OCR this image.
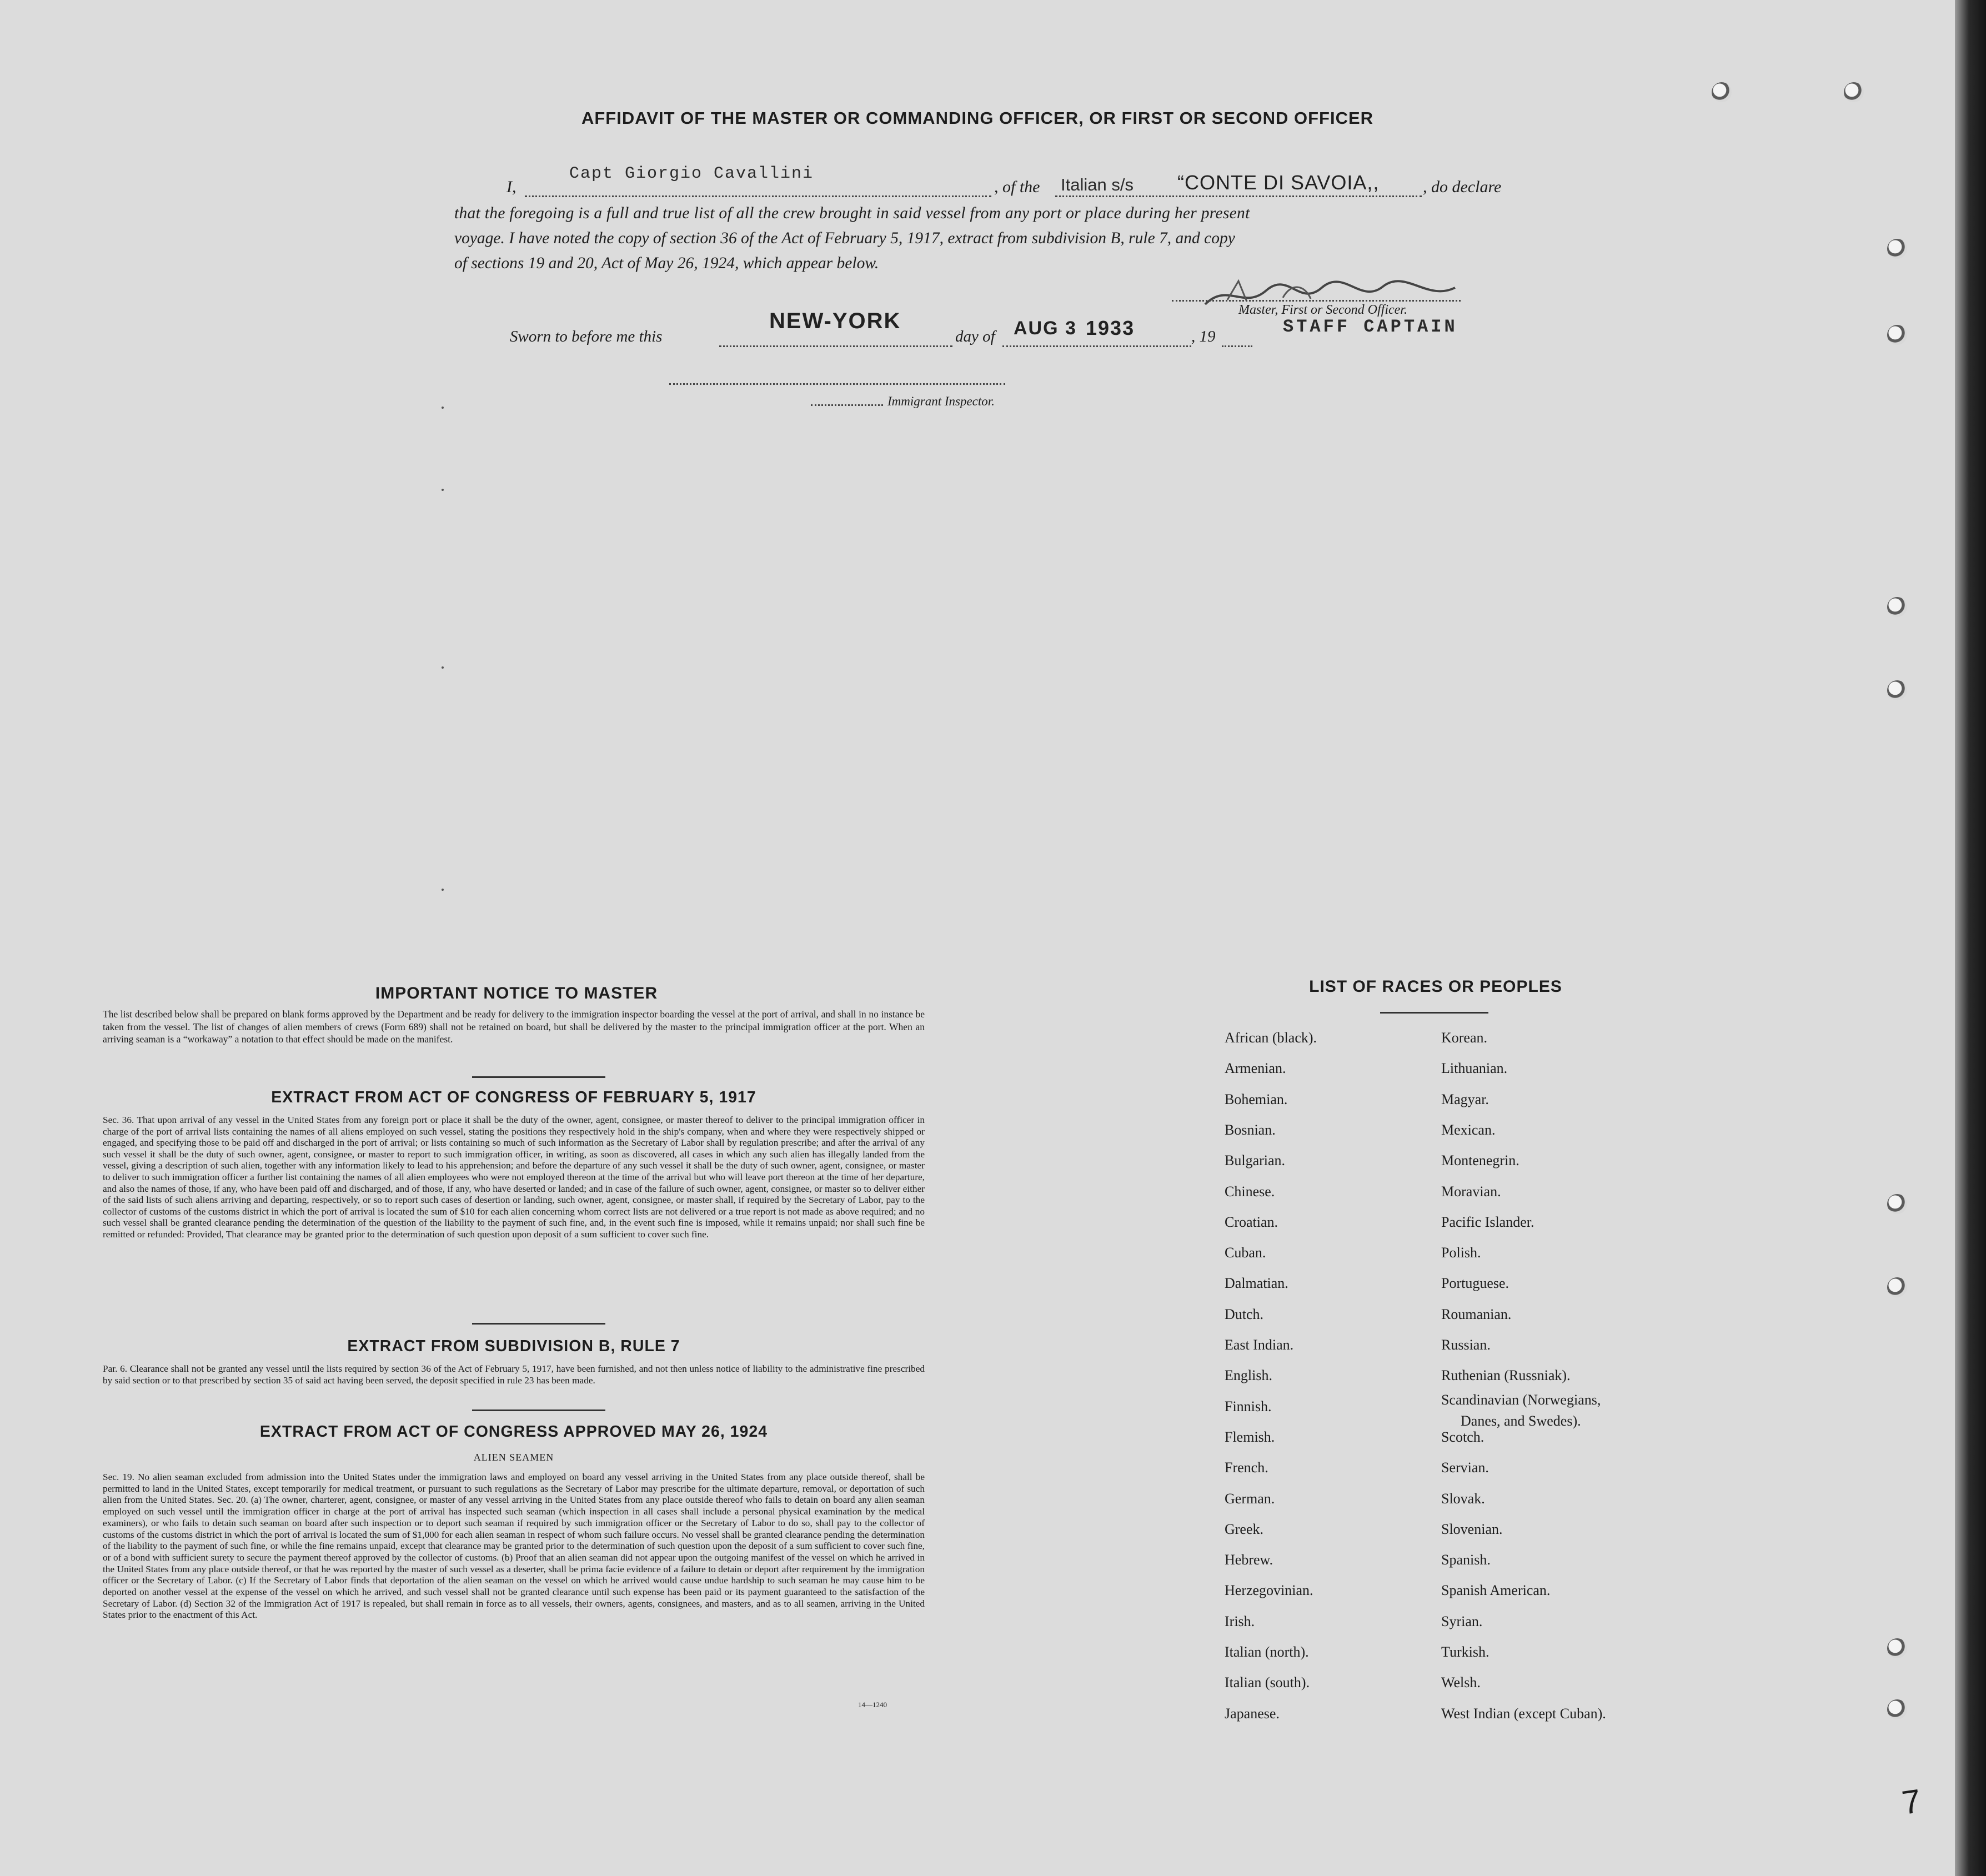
AFFIDAVIT OF THE MASTER OR COMMANDING OFFICER, OR FIRST OR SECOND OFFICER
I,
Capt Giorgio Cavallini
, of the Italian s/s “CONTE DI SAVOIA,,	, do declare
that the foregoing is a full and true list of all the crew brought in said vessel from any port or place during her present
voyage. I have noted the copy of section 36 of the Act of February 5, 1917, extract from subdivision B, rule 7, and copy
of sections 19 and 20, Act of May 26, 1924, which appear below.
Master, First or Second Officer.
Sworn to before me this
NEW-YORK
day of AUG 3 1933	, 19	STAFF CAPTAIN
Immigrant Inspector.
IMPORTANT NOTICE TO MASTER
The list described below shall be prepared on blank forms approved by the Department and be ready for delivery to the immigration inspector boarding the vessel at the port of arrival, and shall in no instance be taken from the vessel. The list of changes of alien members of crews (Form 689) shall not be retained on board, but shall be delivered by the master to the principal immigration officer at the port. When an arriving seaman is a “workaway” a notation to that effect should be made on the manifest.
EXTRACT FROM ACT OF CONGRESS OF FEBRUARY 5, 1917
Sec. 36. That upon arrival of any vessel in the United States from any foreign port or place it shall be the duty of the owner, agent, consignee, or master thereof to deliver to the principal immigration officer in charge of the port of arrival lists containing the names of all aliens employed on such vessel, stating the positions they respectively hold in the ship's company, when and where they were respectively shipped or engaged, and specifying those to be paid off and discharged in the port of arrival; or lists containing so much of such information as the Secretary of Labor shall by regulation prescribe; and after the arrival of any such vessel it shall be the duty of such owner, agent, consignee, or master to report to such immigration officer, in writing, as soon as discovered, all cases in which any such alien has illegally landed from the vessel, giving a description of such alien, together with any information likely to lead to his apprehension; and before the departure of any such vessel it shall be the duty of such owner, agent, consignee, or master to deliver to such immigration officer a further list containing the names of all alien employees who were not employed thereon at the time of the arrival but who will leave port thereon at the time of her departure, and also the names of those, if any, who have been paid off and discharged, and of those, if any, who have deserted or landed; and in case of the failure of such owner, agent, consignee, or master so to deliver either of the said lists of such aliens arriving and departing, respectively, or so to report such cases of desertion or landing, such owner, agent, consignee, or master shall, if required by the Secretary of Labor, pay to the collector of customs of the customs district in which the port of arrival is located the sum of $10 for each alien concerning whom correct lists are not delivered or a true report is not made as above required; and no such vessel shall be granted clearance pending the determination of the question of the liability to the payment of such fine, and, in the event such fine is imposed, while it remains unpaid; nor shall such fine be remitted or refunded: Provided, That clearance may be granted prior to the determination of such question upon deposit of a sum sufficient to cover such fine.
EXTRACT FROM SUBDIVISION B, RULE 7
Par. 6. Clearance shall not be granted any vessel until the lists required by section 36 of the Act of February 5, 1917, have been furnished, and not then unless notice of liability to the administrative fine prescribed by said section or to that prescribed by section 35 of said act having been served, the deposit specified in rule 23 has been made.
EXTRACT FROM ACT OF CONGRESS APPROVED MAY 26, 1924
ALIEN SEAMEN
Sec. 19. No alien seaman excluded from admission into the United States under the immigration laws and employed on board any vessel arriving in the United States from any place outside thereof, shall be permitted to land in the United States, except temporarily for medical treatment, or pursuant to such regulations as the Secretary of Labor may prescribe for the ultimate departure, removal, or deportation of such alien from the United States. Sec. 20. (a) The owner, charterer, agent, consignee, or master of any vessel arriving in the United States from any place outside thereof who fails to detain on board any alien seaman employed on such vessel until the immigration officer in charge at the port of arrival has inspected such seaman (which inspection in all cases shall include a personal physical examination by the medical examiners), or who fails to detain such seaman on board after such inspection or to deport such seaman if required by such immigration officer or the Secretary of Labor to do so, shall pay to the collector of customs of the customs district in which the port of arrival is located the sum of $1,000 for each alien seaman in respect of whom such failure occurs. No vessel shall be granted clearance pending the determination of the liability to the payment of such fine, or while the fine remains unpaid, except that clearance may be granted prior to the determination of such question upon the deposit of a sum sufficient to cover such fine, or of a bond with sufficient surety to secure the payment thereof approved by the collector of customs. (b) Proof that an alien seaman did not appear upon the outgoing manifest of the vessel on which he arrived in the United States from any place outside thereof, or that he was reported by the master of such vessel as a deserter, shall be prima facie evidence of a failure to detain or deport after requirement by the immigration officer or the Secretary of Labor. (c) If the Secretary of Labor finds that deportation of the alien seaman on the vessel on which he arrived would cause undue hardship to such seaman he may cause him to be deported on another vessel at the expense of the vessel on which he arrived, and such vessel shall not be granted clearance until such expense has been paid or its payment guaranteed to the satisfaction of the Secretary of Labor. (d) Section 32 of the Immigration Act of 1917 is repealed, but shall remain in force as to all vessels, their owners, agents, consignees, and masters, and as to all seamen, arriving in the United States prior to the enactment of this Act.
14—1240
LIST OF RACES OR PEOPLES
African (black).
Armenian.
Bohemian.
Bosnian.
Bulgarian.
Chinese.
Croatian.
Cuban.
Dalmatian.
Dutch.
East Indian.
English.
Finnish.
Flemish.
French.
German.
Greek.
Hebrew.
Herzegovinian.
Irish.
Italian (north).
Italian (south).
Japanese.
Korean.
Lithuanian.
Magyar.
Mexican.
Montenegrin.
Moravian.
Pacific Islander.
Polish.
Portuguese.
Roumanian.
Russian.
Ruthenian (Russniak).
Scandinavian (Norwegians,
Danes, and Swedes).
Scotch.
Servian.
Slovak.
Slovenian.
Spanish.
Spanish American.
Syrian.
Turkish.
Welsh.
West Indian (except Cuban).
7
